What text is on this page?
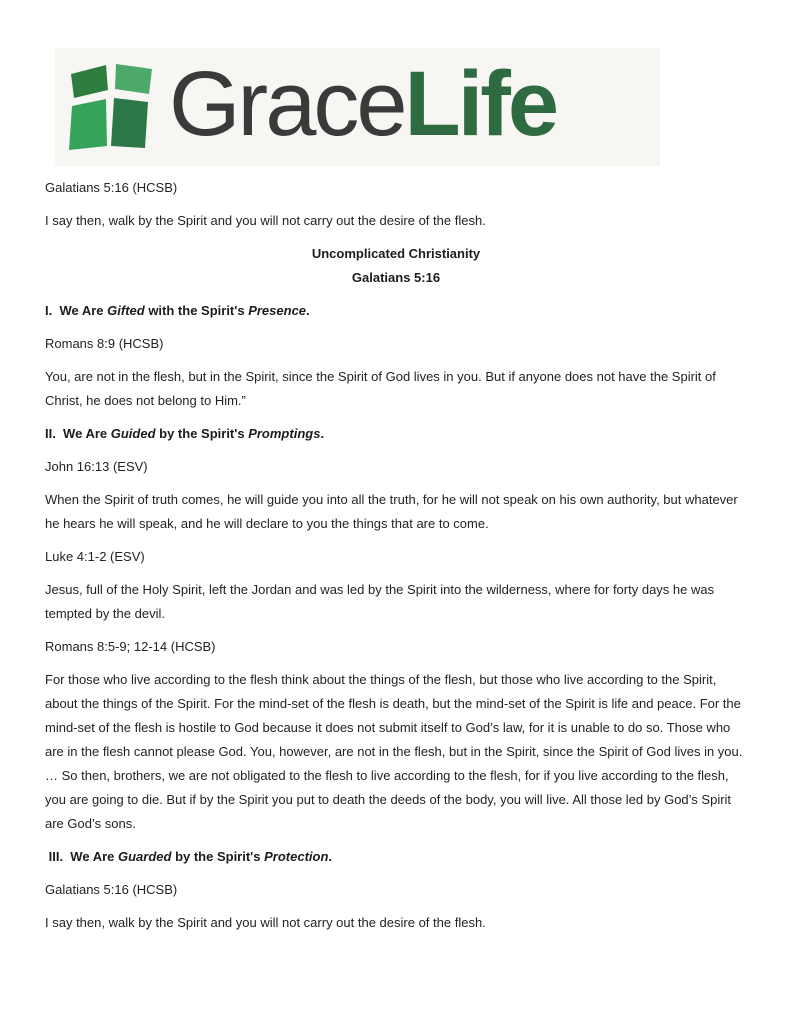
GraceLife

Galatians 5:16 (HCSB)

I say then, walk by the Spirit and you will not carry out the desire of the flesh.

Uncomplicated Christianity
Galatians 5:16

I.  We Are Gifted with the Spirit's Presence.

Romans 8:9 (HCSB)

You, are not in the flesh, but in the Spirit, since the Spirit of God lives in you. But if anyone does not have the Spirit of Christ, he does not belong to Him.”

II.  We Are Guided by the Spirit's Promptings.

John 16:13 (ESV)

When the Spirit of truth comes, he will guide you into all the truth, for he will not speak on his own authority, but whatever he hears he will speak, and he will declare to you the things that are to come.

Luke 4:1-2 (ESV)

Jesus, full of the Holy Spirit, left the Jordan and was led by the Spirit into the wilderness, where for forty days he was tempted by the devil.

Romans 8:5-9; 12-14 (HCSB)

For those who live according to the flesh think about the things of the flesh, but those who live according to the Spirit, about the things of the Spirit. For the mind-set of the flesh is death, but the mind-set of the Spirit is life and peace. For the mind-set of the flesh is hostile to God because it does not submit itself to God’s law, for it is unable to do so. Those who are in the flesh cannot please God. You, however, are not in the flesh, but in the Spirit, since the Spirit of God lives in you. … So then, brothers, we are not obligated to the flesh to live according to the flesh, for if you live according to the flesh, you are going to die. But if by the Spirit you put to death the deeds of the body, you will live. All those led by God’s Spirit are God’s sons.

III.  We Are Guarded by the Spirit's Protection.

Galatians 5:16 (HCSB)

I say then, walk by the Spirit and you will not carry out the desire of the flesh.
